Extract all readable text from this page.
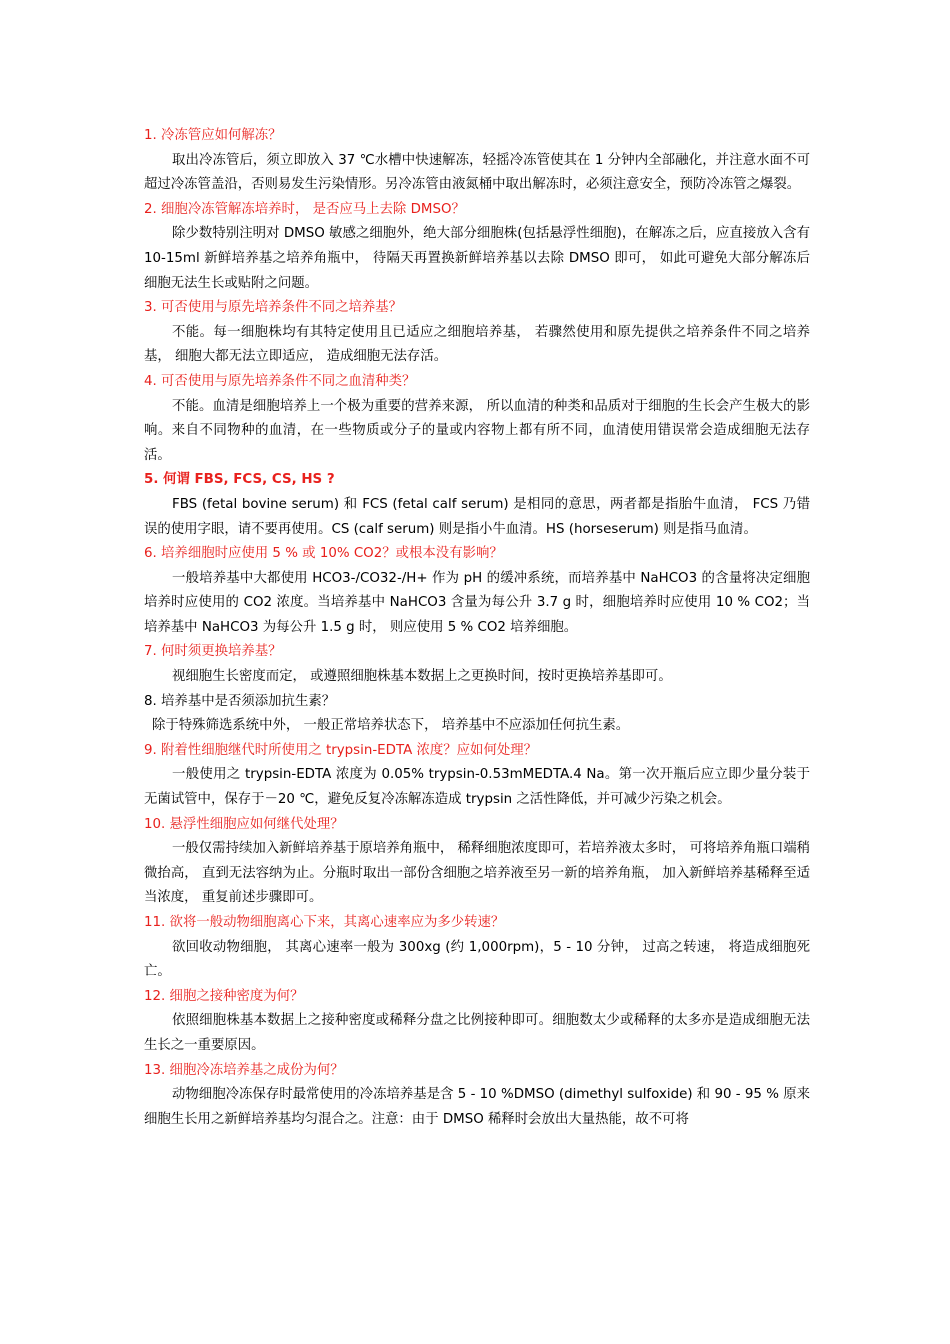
1. 冷冻管应如何解冻？

取出冷冻管后，须立即放入 37 ℃水槽中快速解冻，轻摇冷冻管使其在 1 分钟内全部融化，并注意水面不可超过冷冻管盖沿，否则易发生污染情形。另冷冻管由液氮桶中取出解冻时，必须注意安全，预防冷冻管之爆裂。

2. 细胞冷冻管解冻培养时， 是否应马上去除 DMSO？

除少数特别注明对 DMSO 敏感之细胞外，绝大部分细胞株(包括悬浮性细胞)，在解冻之后，应直接放入含有 10-15ml 新鲜培养基之培养角瓶中， 待隔天再置换新鲜培养基以去除 DMSO 即可， 如此可避免大部分解冻后细胞无法生长或贴附之问题。

3. 可否使用与原先培养条件不同之培养基？

不能。每一细胞株均有其特定使用且已适应之细胞培养基， 若骤然使用和原先提供之培养条件不同之培养基， 细胞大都无法立即适应， 造成细胞无法存活。

4. 可否使用与原先培养条件不同之血清种类？

不能。血清是细胞培养上一个极为重要的营养来源， 所以血清的种类和品质对于细胞的生长会产生极大的影响。来自不同物种的血清，在一些物质或分子的量或内容物上都有所不同，血清使用错误常会造成细胞无法存活。

5. 何谓 FBS, FCS, CS, HS ?

FBS (fetal bovine serum) 和 FCS (fetal calf serum) 是相同的意思，两者都是指胎牛血清， FCS 乃错误的使用字眼，请不要再使用。CS (calf serum) 则是指小牛血清。HS (horseserum) 则是指马血清。

6. 培养细胞时应使用 5 % 或 10% CO2？或根本没有影响？

一般培养基中大都使用 HCO3-/CO32-/H+ 作为 pH 的缓冲系统，而培养基中 NaHCO3 的含量将决定细胞培养时应使用的 CO2 浓度。当培养基中 NaHCO3 含量为每公升 3.7 g 时，细胞培养时应使用 10 % CO2；当培养基中 NaHCO3 为每公升 1.5 g 时， 则应使用 5 % CO2 培养细胞。

7. 何时须更换培养基？

视细胞生长密度而定， 或遵照细胞株基本数据上之更换时间，按时更换培养基即可。

8. 培养基中是否须添加抗生素？

除于特殊筛选系统中外， 一般正常培养状态下， 培养基中不应添加任何抗生素。

9. 附着性细胞继代时所使用之 trypsin-EDTA 浓度？应如何处理？

一般使用之 trypsin-EDTA 浓度为 0.05% trypsin-0.53mMEDTA.4 Na。第一次开瓶后应立即少量分装于无菌试管中，保存于－20 ℃，避免反复冷冻解冻造成 trypsin 之活性降低，并可减少污染之机会。

10. 悬浮性细胞应如何继代处理？

一般仅需持续加入新鲜培养基于原培养角瓶中， 稀释细胞浓度即可，若培养液太多时， 可将培养角瓶口端稍微抬高， 直到无法容纳为止。分瓶时取出一部份含细胞之培养液至另一新的培养角瓶， 加入新鲜培养基稀释至适当浓度， 重复前述步骤即可。

11. 欲将一般动物细胞离心下来，其离心速率应为多少转速？

欲回收动物细胞， 其离心速率一般为 300xg (约 1,000rpm)，5 - 10 分钟， 过高之转速， 将造成细胞死亡。

12. 细胞之接种密度为何？

依照细胞株基本数据上之接种密度或稀释分盘之比例接种即可。细胞数太少或稀释的太多亦是造成细胞无法生长之一重要原因。

13. 细胞冷冻培养基之成份为何？

动物细胞冷冻保存时最常使用的冷冻培养基是含 5 - 10 %DMSO (dimethyl sulfoxide) 和 90 - 95 % 原来细胞生长用之新鲜培养基均匀混合之。注意：由于 DMSO 稀释时会放出大量热能，故不可将
